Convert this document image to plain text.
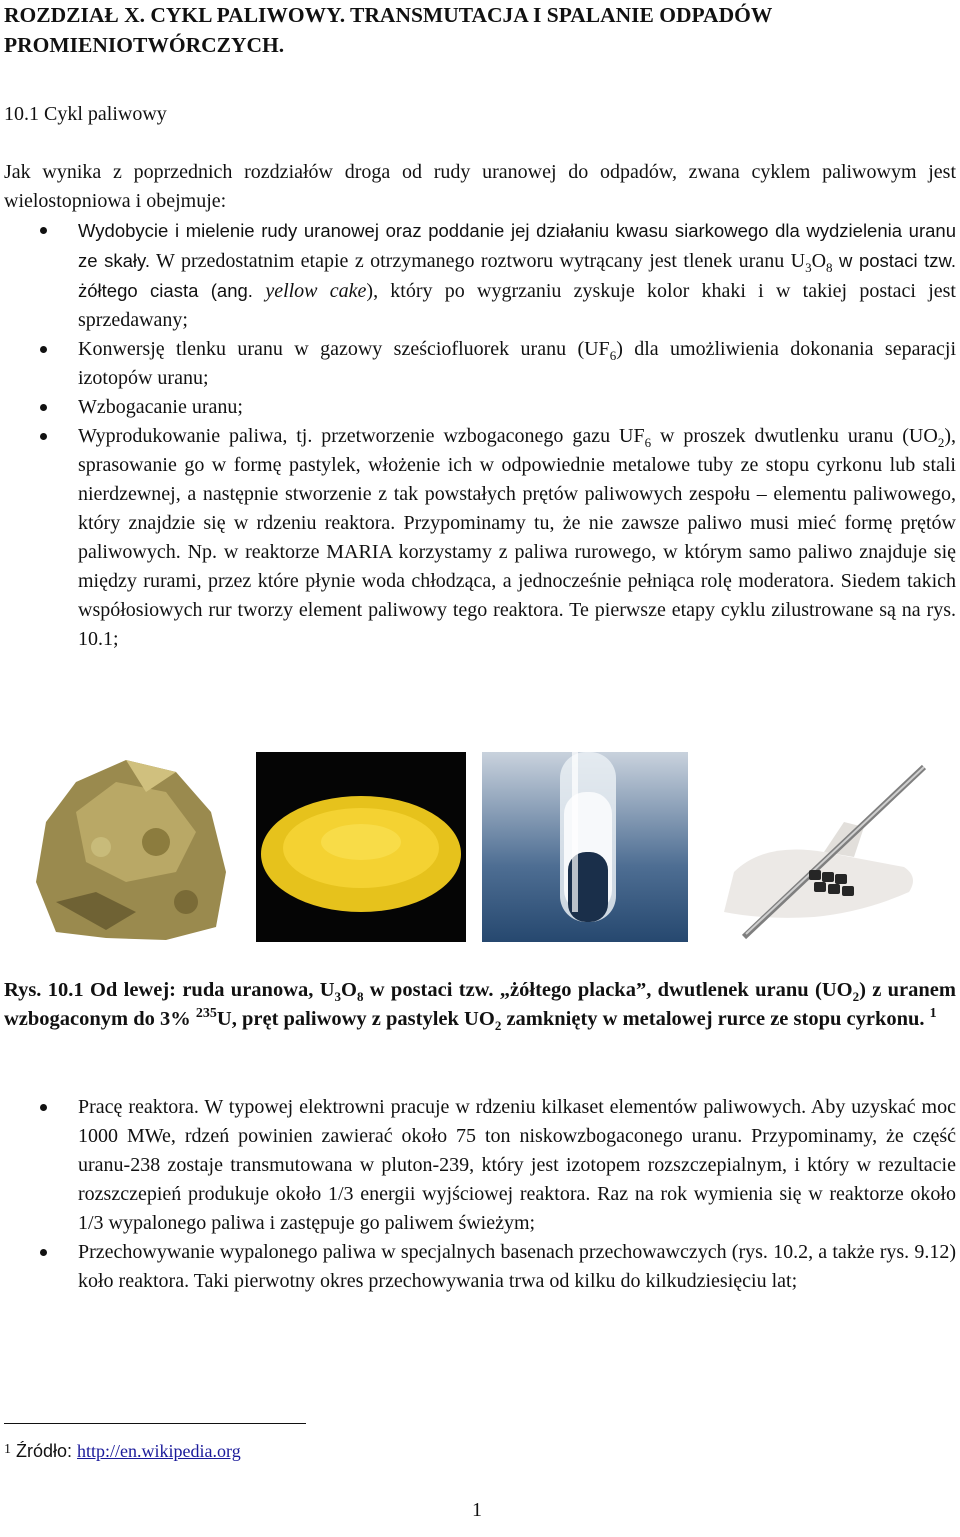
ROZDZIAŁ X. CYKL PALIWOWY. TRANSMUTACJA I SPALANIE ODPADÓW PROMIENIOTWÓRCZYCH.
10.1 Cykl paliwowy
Jak wynika z poprzednich rozdziałów droga od rudy uranowej do odpadów, zwana cyklem paliwowym jest wielostopniowa i obejmuje:
Wydobycie i mielenie rudy uranowej oraz poddanie jej działaniu kwasu siarkowego dla wydzielenia uranu ze skały. W przedostatnim etapie z otrzymanego roztworu wytrącany jest tlenek uranu $U_3O_8$ w postaci tzw. żółtego ciasta (ang. yellow cake), który po wygrzaniu zyskuje kolor khaki i w takiej postaci jest sprzedawany;
Konwersję tlenku uranu w gazowy sześciofluorek uranu $(UF_6)$ dla umożliwienia dokonania separacji izotopów uranu;
Wzbogacanie uranu;
Wyprodukowanie paliwa, tj. przetworzenie wzbogaconego gazu $UF_6$ w proszek dwutlenku uranu $(UO_2)$, sprasowanie go w formę pastylek, włożenie ich w odpowiednie metalowe tuby ze stopu cyrkonu lub stali nierdzewnej, a następnie stworzenie z tak powstałych prętów paliwowych zespołu – elementu paliwowego, który znajdzie się w rdzeniu reaktora. Przypominamy tu, że nie zawsze paliwo musi mieć formę prętów paliwowych. Np. w reaktorze MARIA korzystamy z paliwa rurowego, w którym samo paliwo znajduje się między rurami, przez które płynie woda chłodząca, a jednocześnie pełniąca rolę moderatora. Siedem takich współosiowych rur tworzy element paliwowy tego reaktora. Te pierwsze etapy cyklu zilustrowane są na rys. 10.1;
Rys. 10.1 Od lewej: ruda uranowa, $U_3O_8$ w postaci tzw. „żółtego placka”, dwutlenek uranu $(UO_2)$ z uranem wzbogaconym do 3% $^{235}$U, pręt paliwowy z pastylek $UO_2$ zamknięty w metalowej rurce ze stopu cyrkonu. $^1$
Pracę reaktora. W typowej elektrowni pracuje w rdzeniu kilkaset elementów paliwowych. Aby uzyskać moc 1000 MWe, rdzeń powinien zawierać około 75 ton niskowzbogaconego uranu. Przypominamy, że część uranu-238 zostaje transmutowana w pluton-239, który jest izotopem rozszczepialnym, i który w rezultacie rozszczepień produkuje około 1/3 energii wyjściowej reaktora. Raz na rok wymienia się w reaktorze około 1/3 wypalonego paliwa i zastępuje go paliwem świeżym;
Przechowywanie wypalonego paliwa w specjalnych basenach przechowawczych (rys. 10.2, a także rys. 9.12) koło reaktora. Taki pierwotny okres przechowywania trwa od kilku do kilkudziesięciu lat;
$^1$ Źródło: http://en.wikipedia.org
1
